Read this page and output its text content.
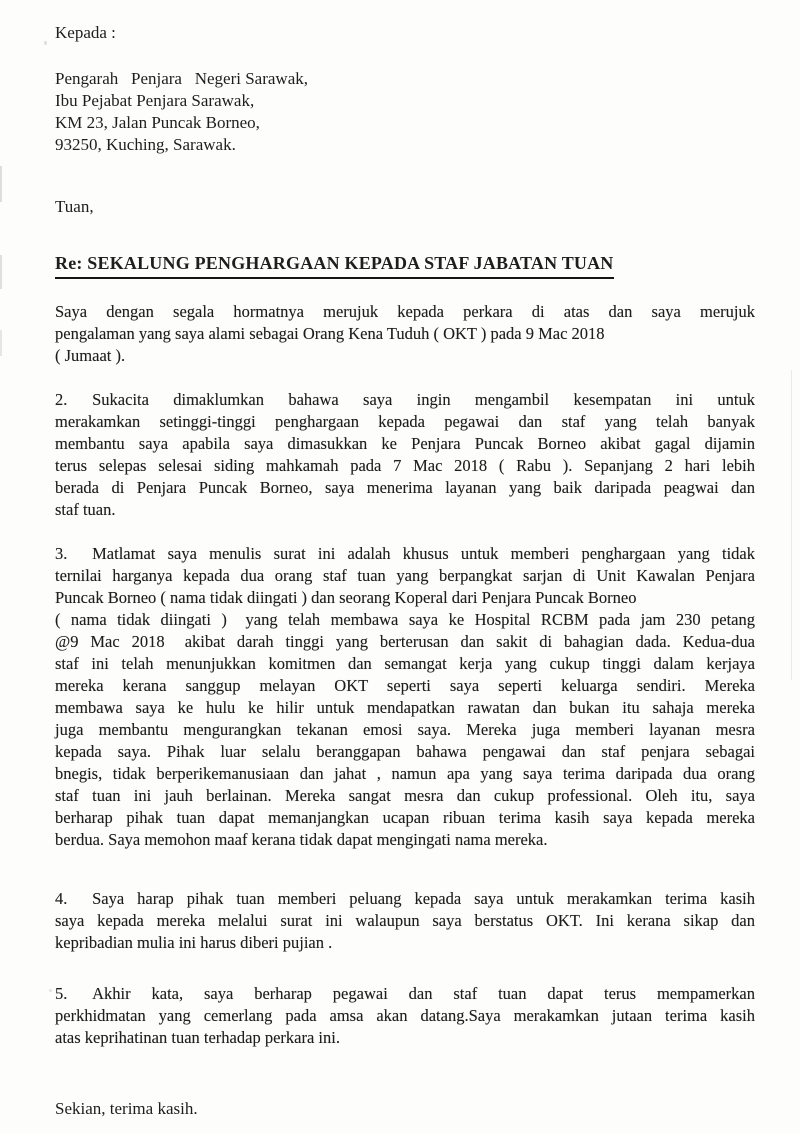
Kepada :
Pengarah  Penjara  Negeri Sarawak,
Ibu Pejabat Penjara Sarawak,
KM 23, Jalan Puncak Borneo,
93250, Kuching, Sarawak.
Tuan,
Re: SEKALUNG PENGHARGAAN KEPADA STAF JABATAN TUAN
Saya dengan segala hormatnya merujuk kepada perkara di atas dan saya merujuk
pengalaman yang saya alami sebagai Orang Kena Tuduh ( OKT ) pada 9 Mac 2018
( Jumaat ).
2.  Sukacita dimaklumkan bahawa saya ingin mengambil kesempatan ini untuk
merakamkan setinggi-tinggi penghargaan kepada pegawai dan staf yang telah banyak
membantu saya apabila saya dimasukkan ke Penjara Puncak Borneo akibat gagal dijamin
terus selepas selesai siding mahkamah pada 7 Mac 2018 ( Rabu ). Sepanjang 2 hari lebih
berada di Penjara Puncak Borneo, saya menerima layanan yang baik daripada peagwai dan
staf tuan.
3.  Matlamat saya menulis surat ini adalah khusus untuk memberi penghargaan yang tidak
ternilai harganya kepada dua orang staf tuan yang berpangkat sarjan di Unit Kawalan Penjara
Puncak Borneo ( nama tidak diingati ) dan seorang Koperal dari Penjara Puncak Borneo
( nama tidak diingati )  yang telah membawa saya ke Hospital RCBM pada jam 230 petang
@9 Mac 2018  akibat darah tinggi yang berterusan dan sakit di bahagian dada. Kedua-dua
staf ini telah menunjukkan komitmen dan semangat kerja yang cukup tinggi dalam kerjaya
mereka kerana sanggup melayan OKT seperti saya seperti keluarga sendiri. Mereka
membawa saya ke hulu ke hilir untuk mendapatkan rawatan dan bukan itu sahaja mereka
juga membantu mengurangkan tekanan emosi saya. Mereka juga memberi layanan mesra
kepada saya. Pihak luar selalu beranggapan bahawa pengawai dan staf penjara sebagai
bnegis, tidak berperikemanusiaan dan jahat , namun apa yang saya terima daripada dua orang
staf tuan ini jauh berlainan. Mereka sangat mesra dan cukup professional. Oleh itu, saya
berharap pihak tuan dapat memanjangkan ucapan ribuan terima kasih saya kepada mereka
berdua. Saya memohon maaf kerana tidak dapat mengingati nama mereka.
4.  Saya harap pihak tuan memberi peluang kepada saya untuk merakamkan terima kasih
saya kepada mereka melalui surat ini walaupun saya berstatus OKT. Ini kerana sikap dan
kepribadian mulia ini harus diberi pujian .
5.  Akhir kata, saya berharap pegawai dan staf tuan dapat terus mempamerkan
perkhidmatan yang cemerlang pada amsa akan datang.Saya merakamkan jutaan terima kasih
atas keprihatinan tuan terhadap perkara ini.
Sekian, terima kasih.
